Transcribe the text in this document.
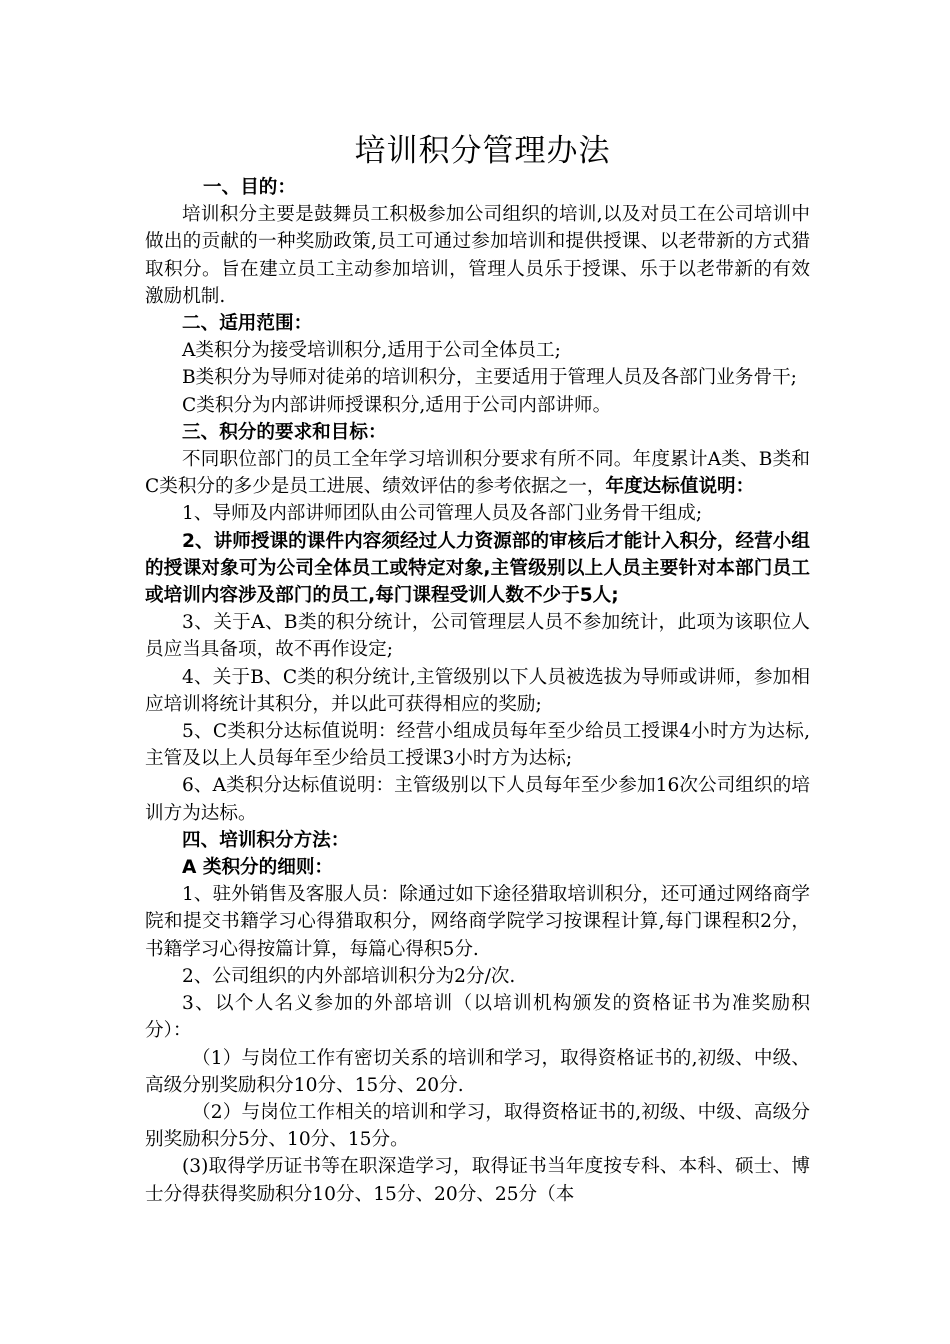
培训积分管理办法

一、目的：

培训积分主要是鼓舞员工积极参加公司组织的培训,以及对员工在公司培训中做出的贡献的一种奖励政策,员工可通过参加培训和提供授课、以老带新的方式猎取积分。旨在建立员工主动参加培训，管理人员乐于授课、乐于以老带新的有效激励机制.

二、适用范围：

A类积分为接受培训积分,适用于公司全体员工;

B类积分为导师对徒弟的培训积分，主要适用于管理人员及各部门业务骨干;

C类积分为内部讲师授课积分,适用于公司内部讲师。

三、积分的要求和目标：

不同职位部门的员工全年学习培训积分要求有所不同。年度累计A类、B类和C类积分的多少是员工进展、绩效评估的参考依据之一，年度达标值说明：

1、导师及内部讲师团队由公司管理人员及各部门业务骨干组成;

2、讲师授课的课件内容须经过人力资源部的审核后才能计入积分，经营小组的授课对象可为公司全体员工或特定对象,主管级别以上人员主要针对本部门员工或培训内容涉及部门的员工,每门课程受训人数不少于5人;

3、关于A、B类的积分统计，公司管理层人员不参加统计，此项为该职位人员应当具备项，故不再作设定;

4、关于B、C类的积分统计,主管级别以下人员被选拔为导师或讲师，参加相应培训将统计其积分，并以此可获得相应的奖励;

5、C类积分达标值说明：经营小组成员每年至少给员工授课4小时方为达标,主管及以上人员每年至少给员工授课3小时方为达标;

6、A类积分达标值说明：主管级别以下人员每年至少参加16次公司组织的培训方为达标。

四、培训积分方法：

A 类积分的细则：

1、驻外销售及客服人员：除通过如下途径猎取培训积分，还可通过网络商学院和提交书籍学习心得猎取积分，网络商学院学习按课程计算,每门课程积2分，书籍学习心得按篇计算，每篇心得积5分.

2、公司组织的内外部培训积分为2分/次.

3、以个人名义参加的外部培训（以培训机构颁发的资格证书为准奖励积分）：

（1）与岗位工作有密切关系的培训和学习，取得资格证书的,初级、中级、高级分别奖励积分10分、15分、20分.

（2）与岗位工作相关的培训和学习，取得资格证书的,初级、中级、高级分别奖励积分5分、10分、15分。

(3)取得学历证书等在职深造学习，取得证书当年度按专科、本科、硕士、博士分得获得奖励积分10分、15分、20分、25分（本
